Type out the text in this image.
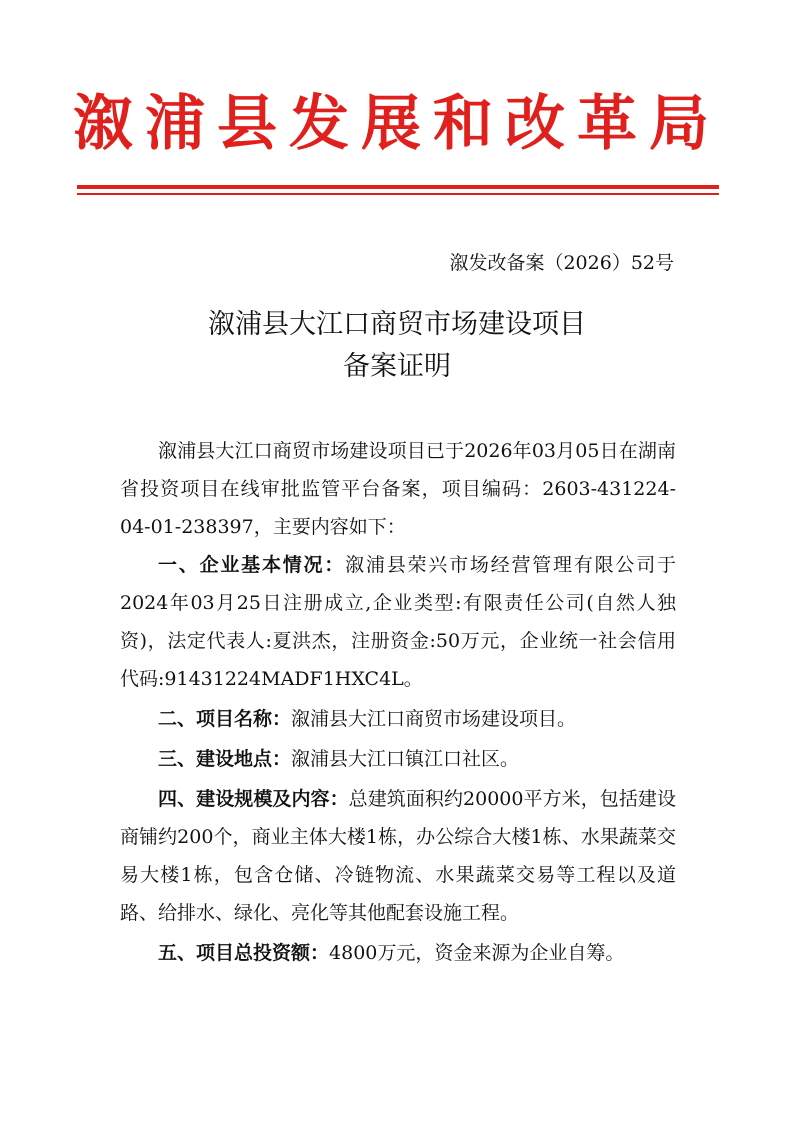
溆浦县发展和改革局
溆发改备案（2026）52号
溆浦县大江口商贸市场建设项目
备案证明

溆浦县大江口商贸市场建设项目已于2026年03月05日在湖南省投资项目在线审批监管平台备案，项目编码：2603-431224-04-01-238397，主要内容如下：

一、企业基本情况：溆浦县荣兴市场经营管理有限公司于2024年03月25日注册成立,企业类型:有限责任公司(自然人独资)，法定代表人:夏洪杰，注册资金:50万元，企业统一社会信用代码:91431224MADF1HXC4L。

二、项目名称：溆浦县大江口商贸市场建设项目。

三、建设地点：溆浦县大江口镇江口社区。

四、建设规模及内容：总建筑面积约20000平方米，包括建设商铺约200个，商业主体大楼1栋，办公综合大楼1栋、水果蔬菜交易大楼1栋，包含仓储、冷链物流、水果蔬菜交易等工程以及道路、给排水、绿化、亮化等其他配套设施工程。

五、项目总投资额：4800万元，资金来源为企业自筹。
